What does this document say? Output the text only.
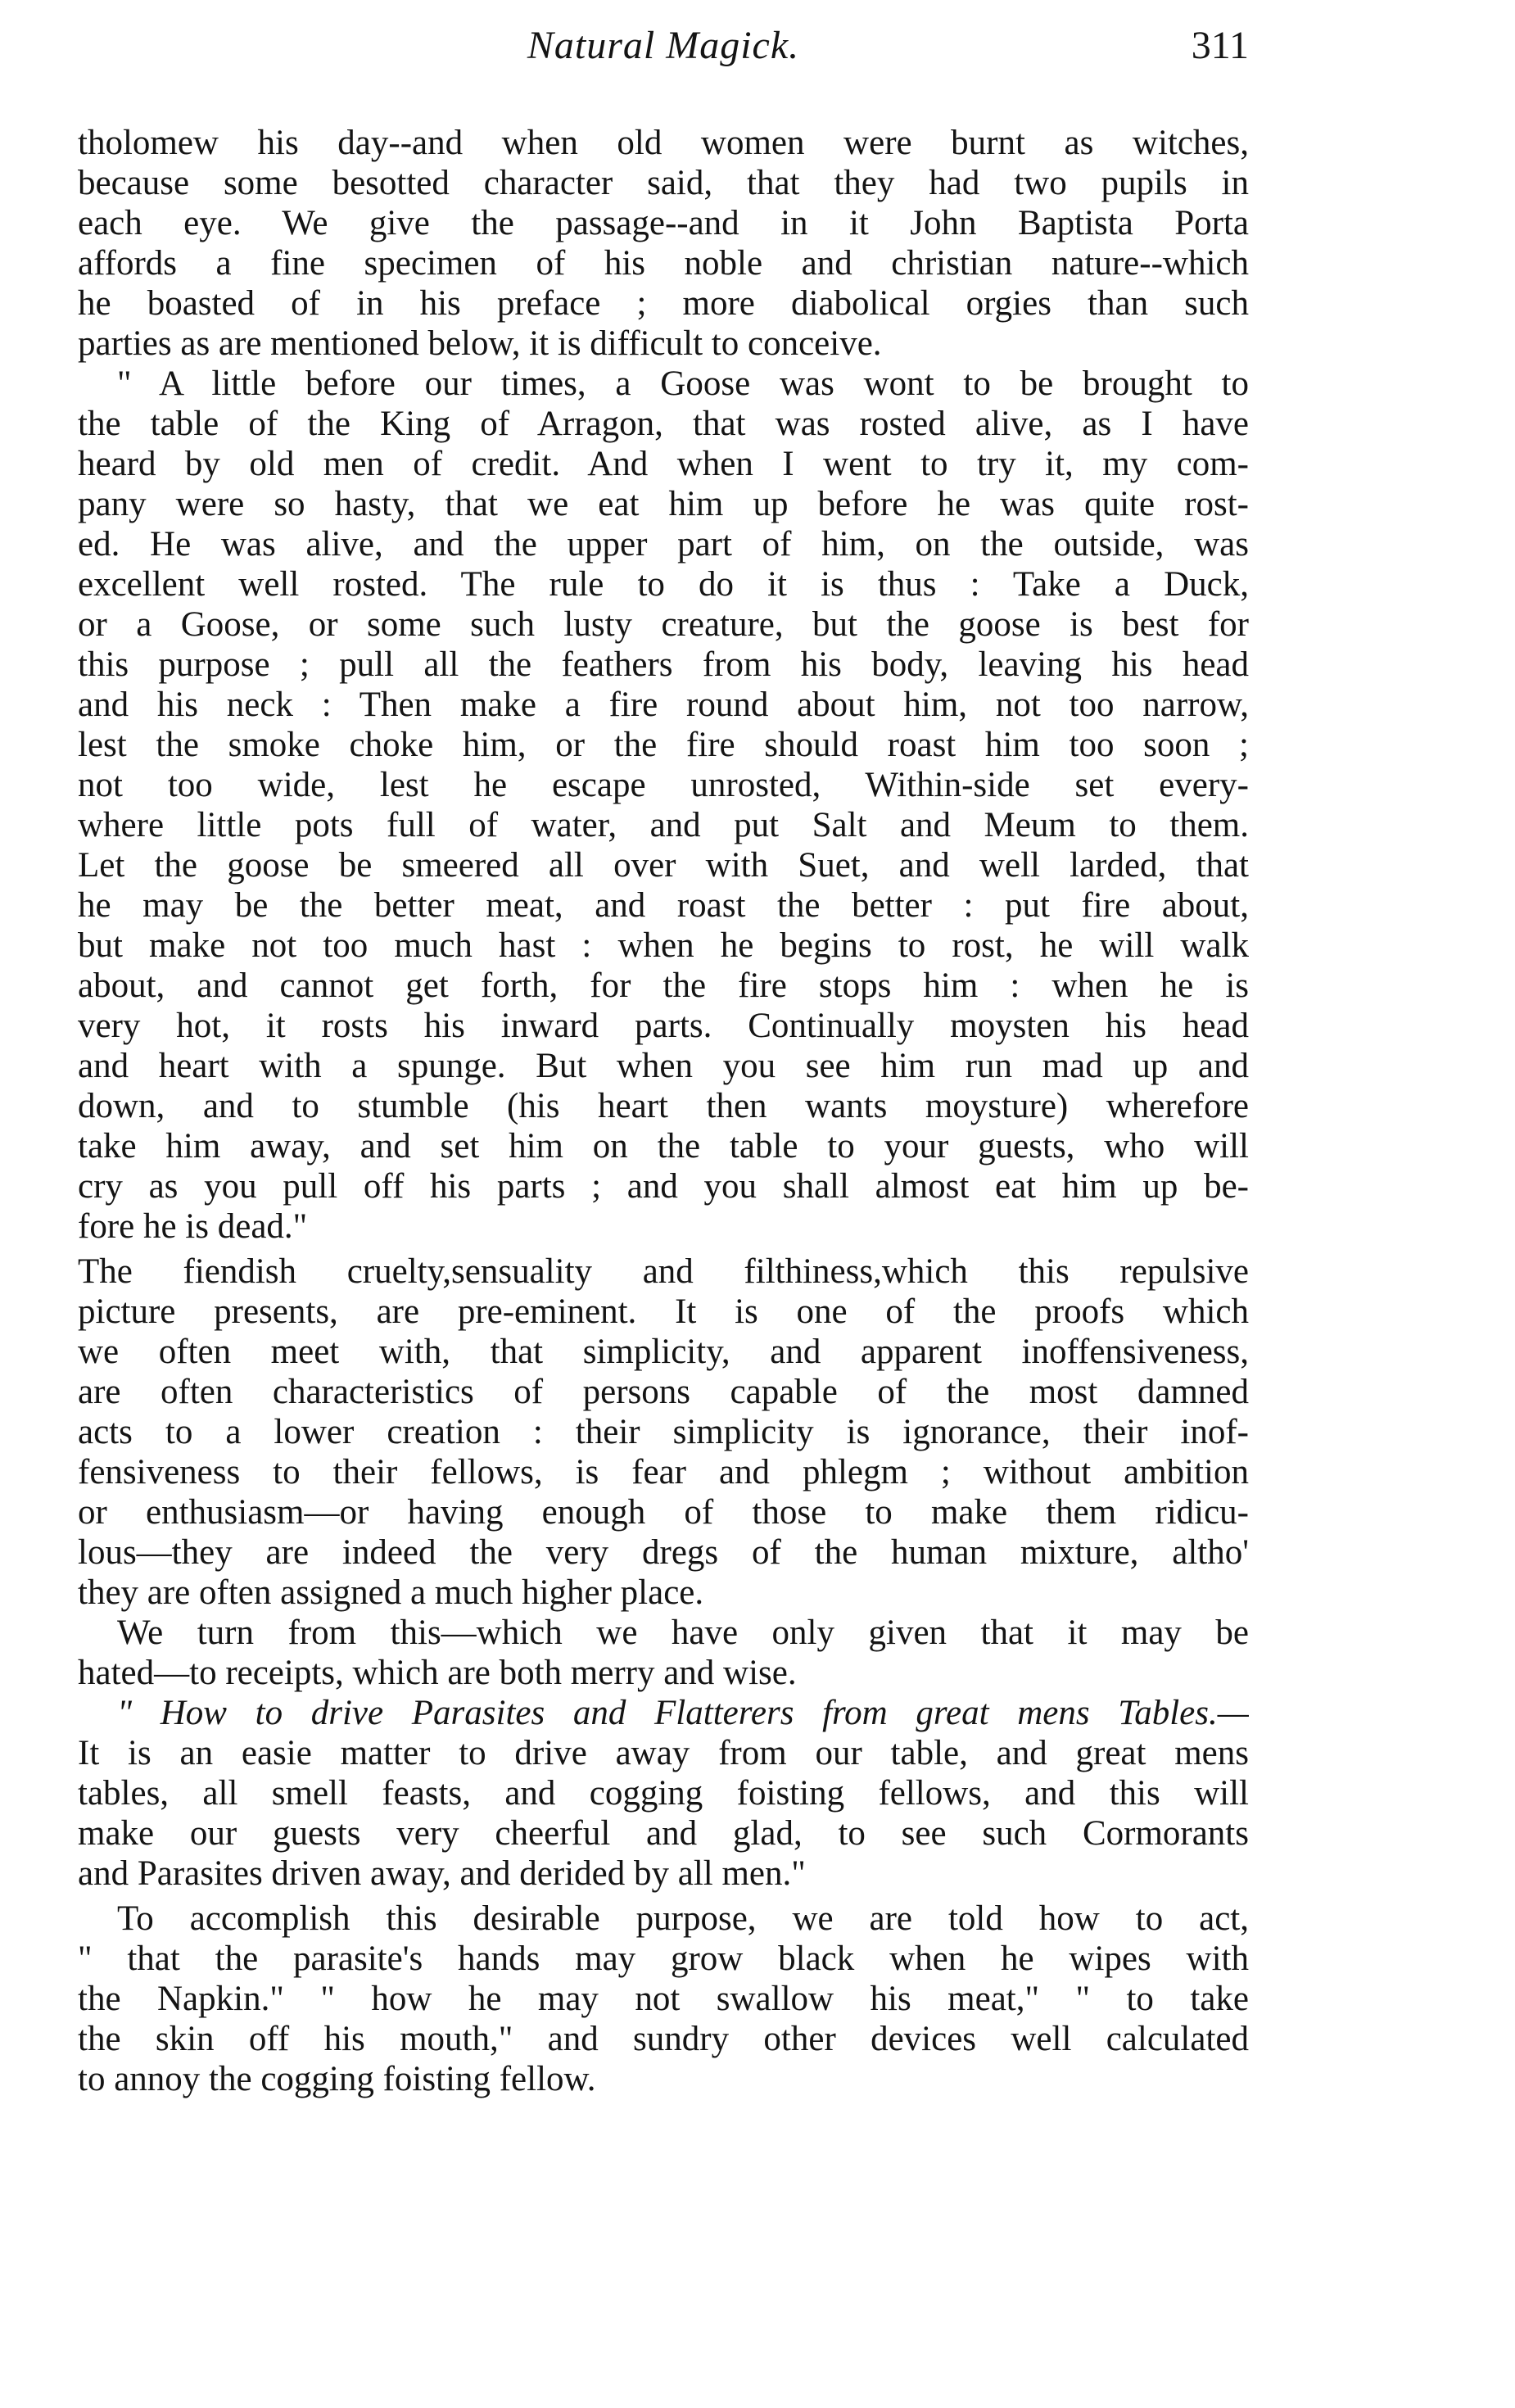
Natural Magick.	311
tholomew his day--and when old women were burnt as witches,
because some besotted character said, that they had two pupils in
each eye. We give the passage--and in it John Baptista Porta
affords a fine specimen of his noble and christian nature--which
he boasted of in his preface ; more diabolical orgies than such
parties as are mentioned below, it is difficult to conceive.
" A little before our times, a Goose was wont to be brought to
the table of the King of Arragon, that was rosted alive, as I have
heard by old men of credit. And when I went to try it, my com-
pany were so hasty, that we eat him up before he was quite rost-
ed. He was alive, and the upper part of him, on the outside, was
excellent well rosted. The rule to do it is thus : Take a Duck,
or a Goose, or some such lusty creature, but the goose is best for
this purpose ; pull all the feathers from his body, leaving his head
and his neck : Then make a fire round about him, not too narrow,
lest the smoke choke him, or the fire should roast him too soon ;
not too wide, lest he escape unrosted, Within-side set every-
where little pots full of water, and put Salt and Meum to them.
Let the goose be smeered all over with Suet, and well larded, that
he may be the better meat, and roast the better : put fire about,
but make not too much hast : when he begins to rost, he will walk
about, and cannot get forth, for the fire stops him : when he is
very hot, it rosts his inward parts. Continually moysten his head
and heart with a spunge. But when you see him run mad up and
down, and to stumble (his heart then wants moysture) wherefore
take him away, and set him on the table to your guests, who will
cry as you pull off his parts ; and you shall almost eat him up be-
fore he is dead."
The fiendish cruelty,sensuality and filthiness,which this repulsive
picture presents, are pre-eminent. It is one of the proofs which
we often meet with, that simplicity, and apparent inoffensiveness,
are often characteristics of persons capable of the most damned
acts to a lower creation : their simplicity is ignorance, their inof-
fensiveness to their fellows, is fear and phlegm ; without ambition
or enthusiasm—or having enough of those to make them ridicu-
lous—they are indeed the very dregs of the human mixture, altho'
they are often assigned a much higher place.
We turn from this—which we have only given that it may be
hated—to receipts, which are both merry and wise.
" How to drive Parasites and Flatterers from great mens Tables.—
It is an easie matter to drive away from our table, and great mens
tables, all smell feasts, and cogging foisting fellows, and this will
make our guests very cheerful and glad, to see such Cormorants
and Parasites driven away, and derided by all men."
To accomplish this desirable purpose, we are told how to act,
" that the parasite's hands may grow black when he wipes with
the Napkin." " how he may not swallow his meat," " to take
the skin off his mouth," and sundry other devices well calculated
to annoy the cogging foisting fellow.
